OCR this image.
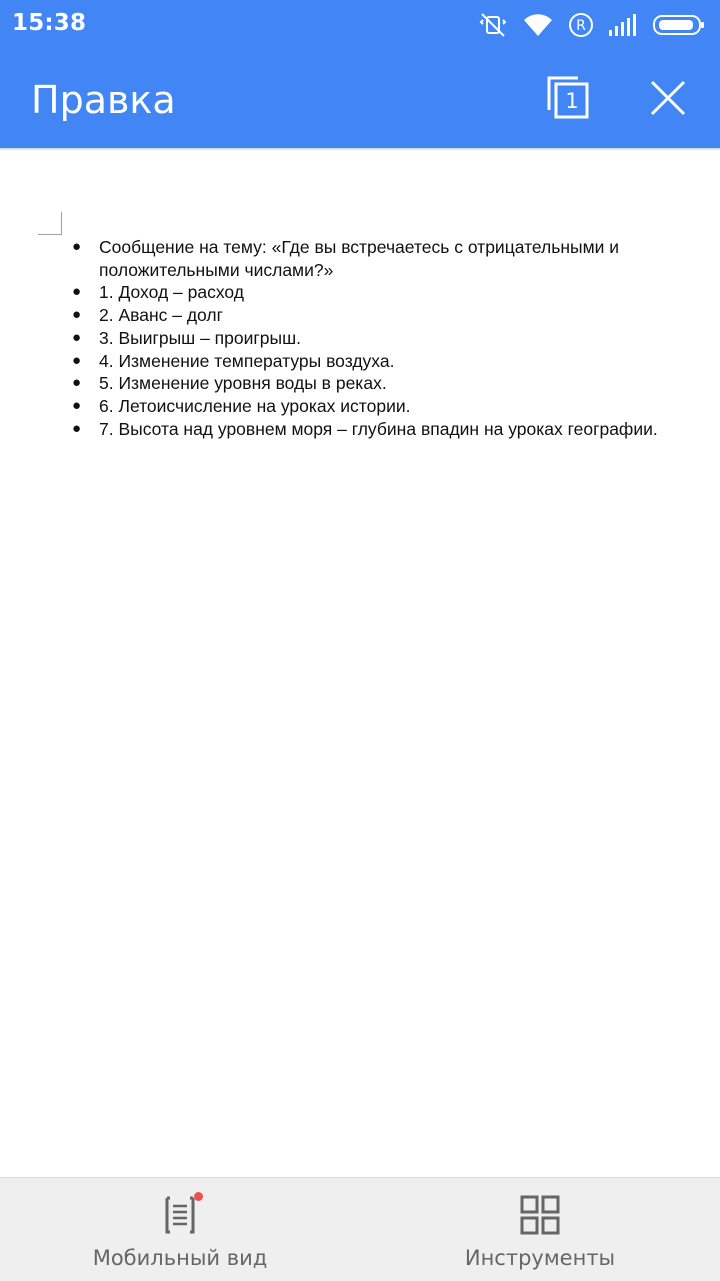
15:38	R
Правка	1
● Сообщение на тему: «Где вы встречаетесь с отрицательными и положительными числами?»
● 1. Доход – расход
● 2. Аванс – долг
● 3. Выигрыш – проигрыш.
● 4. Изменение температуры воздуха.
● 5. Изменение уровня воды в реках.
● 6. Летоисчисление на уроках истории.
● 7. Высота над уровнем моря – глубина впадин на уроках географии.
Мобильный вид	Инструменты
